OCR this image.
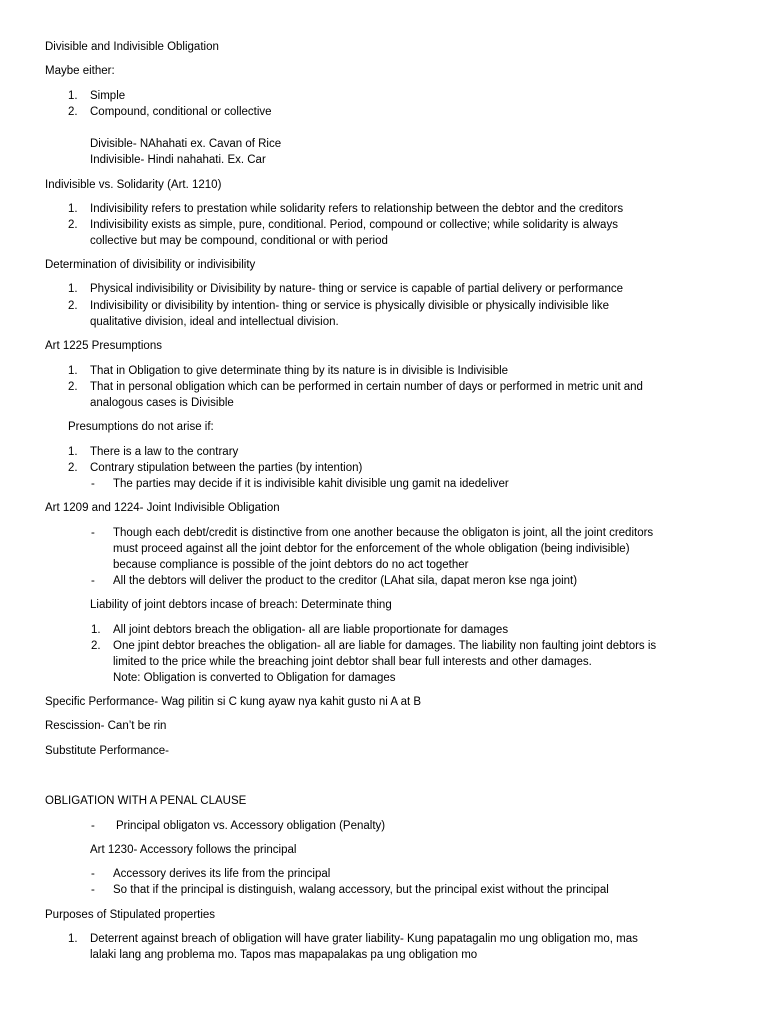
Divisible and Indivisible Obligation
Maybe either:
1. Simple
2. Compound, conditional or collective
Divisible- NAhahati ex. Cavan of Rice
Indivisible- Hindi nahahati. Ex. Car
Indivisible vs. Solidarity (Art. 1210)
1. Indivisibility refers to prestation while solidarity refers to relationship between the debtor and the creditors
2. Indivisibility exists as simple, pure, conditional. Period, compound or collective; while solidarity is always
collective but may be compound, conditional or with period
Determination of divisibility or indivisibility
1. Physical indivisibility or Divisibility by nature- thing or service is capable of partial delivery or performance
2. Indivisibility or divisibility by intention- thing or service is physically divisible or physically indivisible like
qualitative division, ideal and intellectual division.
Art 1225 Presumptions
1. That in Obligation to give determinate thing by its nature is in divisible is Indivisible
2. That in personal obligation which can be performed in certain number of days or performed in metric unit and
analogous cases is Divisible
Presumptions do not arise if:
1. There is a law to the contrary
2. Contrary stipulation between the parties (by intention)
- The parties may decide if it is indivisible kahit divisible ung gamit na idedeliver
Art 1209 and 1224- Joint Indivisible Obligation
- Though each debt/credit is distinctive from one another because the obligaton is joint, all the joint creditors
must proceed against all the joint debtor for the enforcement of the whole obligation (being indivisible)
because compliance is possible of the joint debtors do no act together
- All the debtors will deliver the product to the creditor (LAhat sila, dapat meron kse nga joint)
Liability of joint debtors incase of breach: Determinate thing
1. All joint debtors breach the obligation- all are liable proportionate for damages
2. One jpint debtor breaches the obligation- all are liable for damages. The liability non faulting joint debtors is
limited to the price while the breaching joint debtor shall bear full interests and other damages.
Note: Obligation is converted to Obligation for damages
Specific Performance- Wag pilitin si C kung ayaw nya kahit gusto ni A at B
Rescission- Can’t be rin
Substitute Performance-
OBLIGATION WITH A PENAL CLAUSE
- Principal obligaton vs. Accessory obligation (Penalty)
Art 1230- Accessory follows the principal
- Accessory derives its life from the principal
- So that if the principal is distinguish, walang accessory, but the principal exist without the principal
Purposes of Stipulated properties
1. Deterrent against breach of obligation will have grater liability- Kung papatagalin mo ung obligation mo, mas
lalaki lang ang problema mo. Tapos mas mapapalakas pa ung obligation mo
